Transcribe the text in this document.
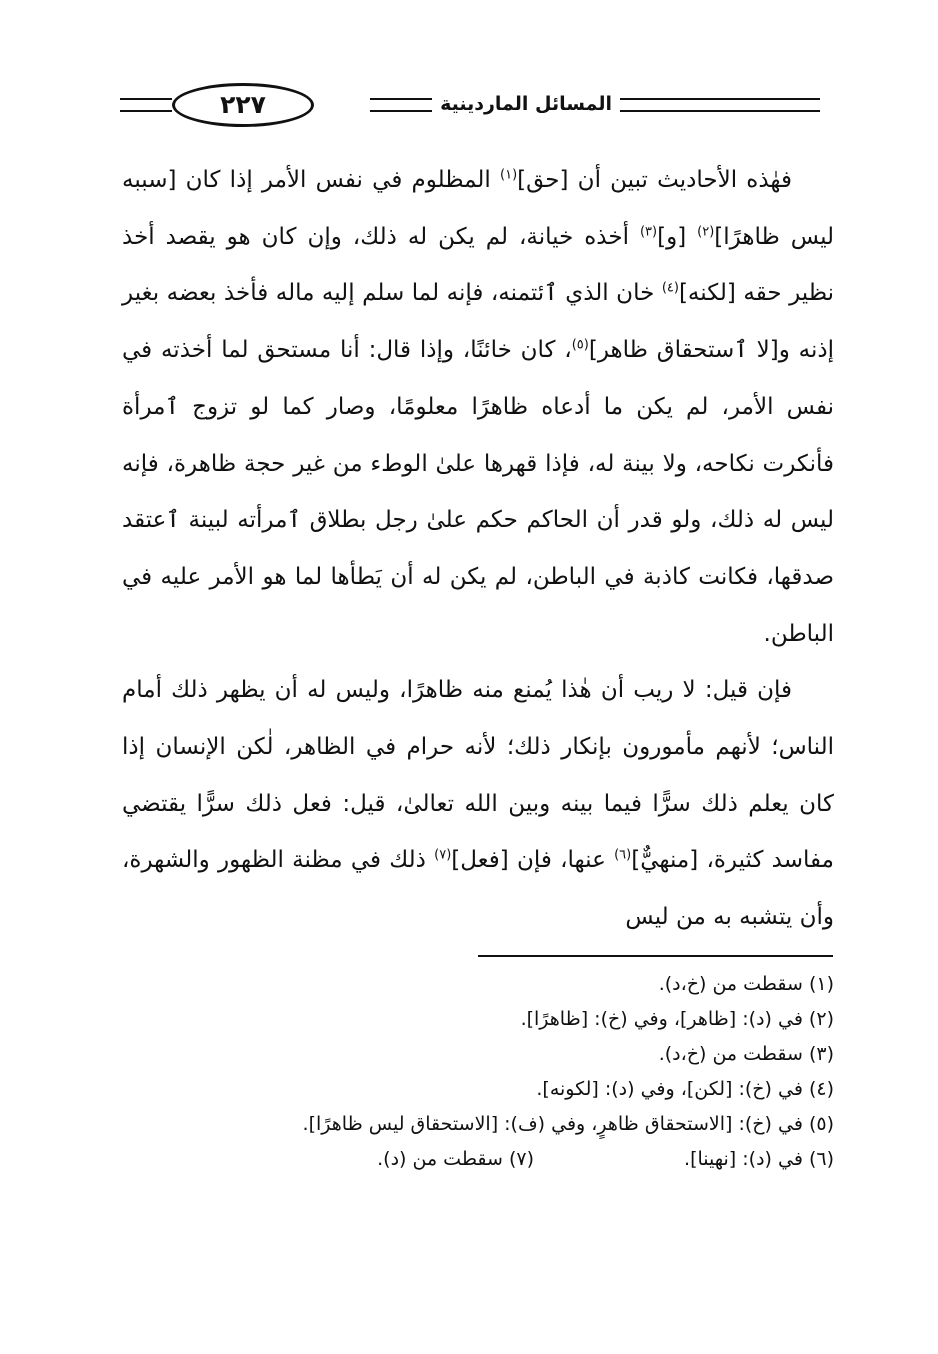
٢٢٧	المسائل الماردينية

فهٰذه الأحاديث تبين أن [حق]$^{(١)}$ المظلوم في نفس الأمر إذا كان [سببه ليس ظاهرًا]$^{(٢)}$ [و]$^{(٣)}$ أخذه خيانة، لم يكن له ذلك، وإن كان هو يقصد أخذ نظير حقه [لكنه]$^{(٤)}$ خان الذي ٱئتمنه، فإنه لما سلم إليه ماله فأخذ بعضه بغير إذنه و[لا ٱستحقاق ظاهر]$^{(٥)}$، كان خائنًا، وإذا قال: أنا مستحق لما أخذته في نفس الأمر، لم يكن ما أدعاه ظاهرًا معلومًا، وصار كما لو تزوج ٱمرأة فأنكرت نكاحه، ولا بينة له، فإذا قهرها علىٰ الوطء من غير حجة ظاهرة، فإنه ليس له ذلك، ولو قدر أن الحاكم حكم علىٰ رجل بطلاق ٱمرأته لبينة ٱعتقد صدقها، فكانت كاذبة في الباطن، لم يكن له أن يَطأها لما هو الأمر عليه في الباطن.

فإن قيل: لا ريب أن هٰذا يُمنع منه ظاهرًا، وليس له أن يظهر ذلك أمام الناس؛ لأنهم مأمورون بإنكار ذلك؛ لأنه حرام في الظاهر، لٰكن الإنسان إذا كان يعلم ذلك سرًّا فيما بينه وبين الله تعالىٰ، قيل: فعل ذلك سرًّا يقتضي مفاسد كثيرة، [منهيٌّ]$^{(٦)}$ عنها، فإن [فعل]$^{(٧)}$ ذلك في مظنة الظهور والشهرة، وأن يتشبه به من ليس

(١) سقطت من (خ،د).
(٢) في (د): [ظاهر]، وفي (خ): [ظاهرًا].
(٣) سقطت من (خ،د).
(٤) في (خ): [لكن]، وفي (د): [لكونه].
(٥) في (خ): [الاستحقاق ظاهرٍ، وفي (ف): [الاستحقاق ليس ظاهرًا].
(٦) في (د): [نهينا].(٧) سقطت من (د).
